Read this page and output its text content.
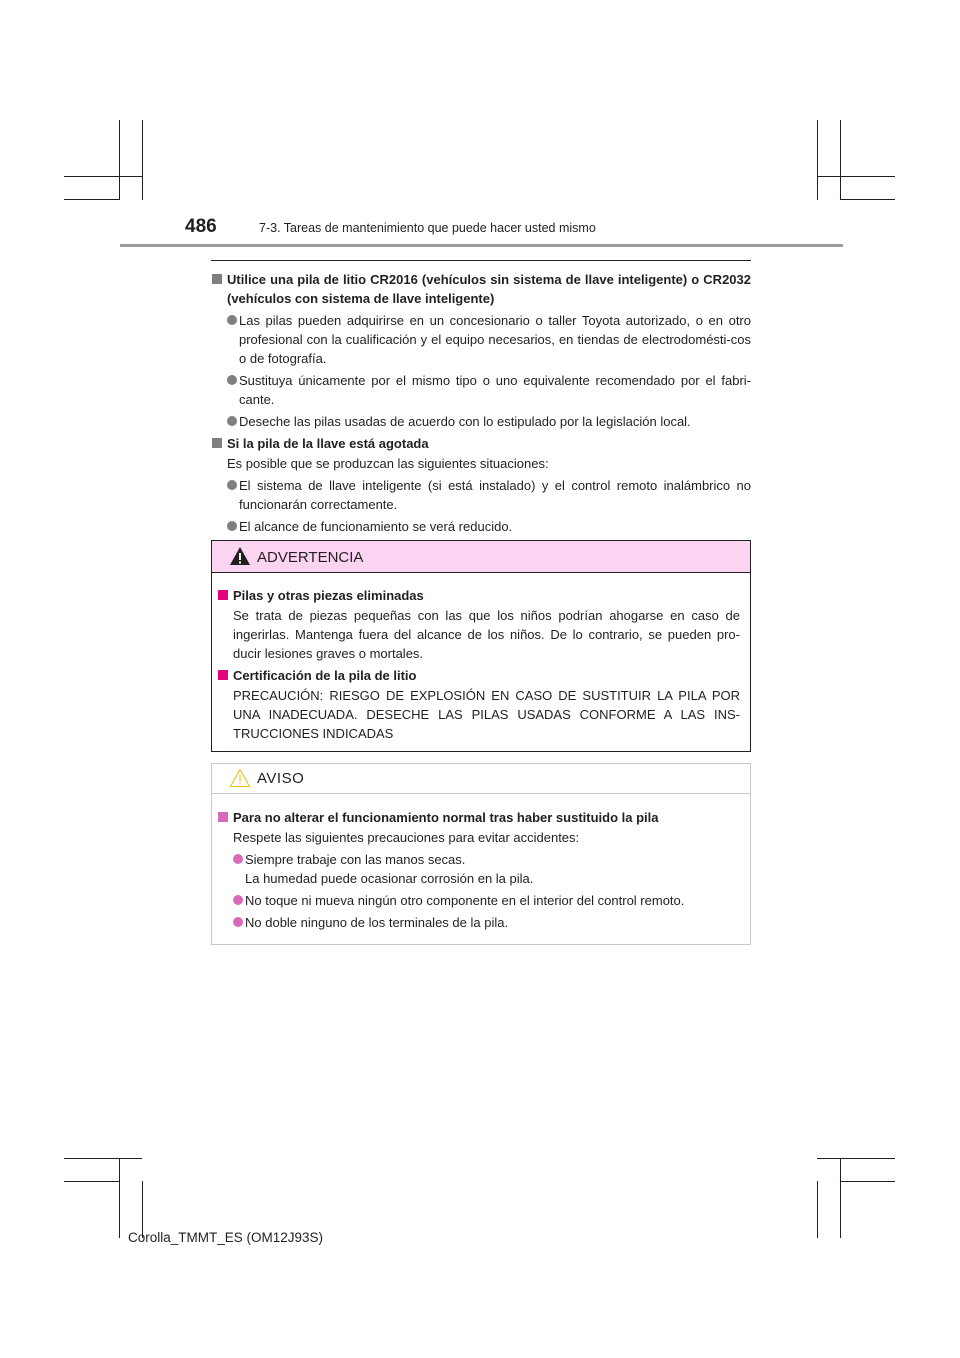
486	7-3. Tareas de mantenimiento que puede hacer usted mismo
Utilice una pila de litio CR2016 (vehículos sin sistema de llave inteligente) o CR2032 (vehículos con sistema de llave inteligente)
Las pilas pueden adquirirse en un concesionario o taller Toyota autorizado, o en otro profesional con la cualificación y el equipo necesarios, en tiendas de electrodomésti-cos o de fotografía.
Sustituya únicamente por el mismo tipo o uno equivalente recomendado por el fabri-cante.
Deseche las pilas usadas de acuerdo con lo estipulado por la legislación local.
Si la pila de la llave está agotada
Es posible que se produzcan las siguientes situaciones:
El sistema de llave inteligente (si está instalado) y el control remoto inalámbrico no funcionarán correctamente.
El alcance de funcionamiento se verá reducido.
ADVERTENCIA
Pilas y otras piezas eliminadas
Se trata de piezas pequeñas con las que los niños podrían ahogarse en caso de ingerirlas. Mantenga fuera del alcance de los niños. De lo contrario, se pueden pro-ducir lesiones graves o mortales.
Certificación de la pila de litio
PRECAUCIÓN: RIESGO DE EXPLOSIÓN EN CASO DE SUSTITUIR LA PILA POR UNA INADECUADA. DESECHE LAS PILAS USADAS CONFORME A LAS INS-TRUCCIONES INDICADAS
AVISO
Para no alterar el funcionamiento normal tras haber sustituido la pila
Respete las siguientes precauciones para evitar accidentes:
Siempre trabaje con las manos secas.
La humedad puede ocasionar corrosión en la pila.
No toque ni mueva ningún otro componente en el interior del control remoto.
No doble ninguno de los terminales de la pila.
Corolla_TMMT_ES (OM12J93S)
